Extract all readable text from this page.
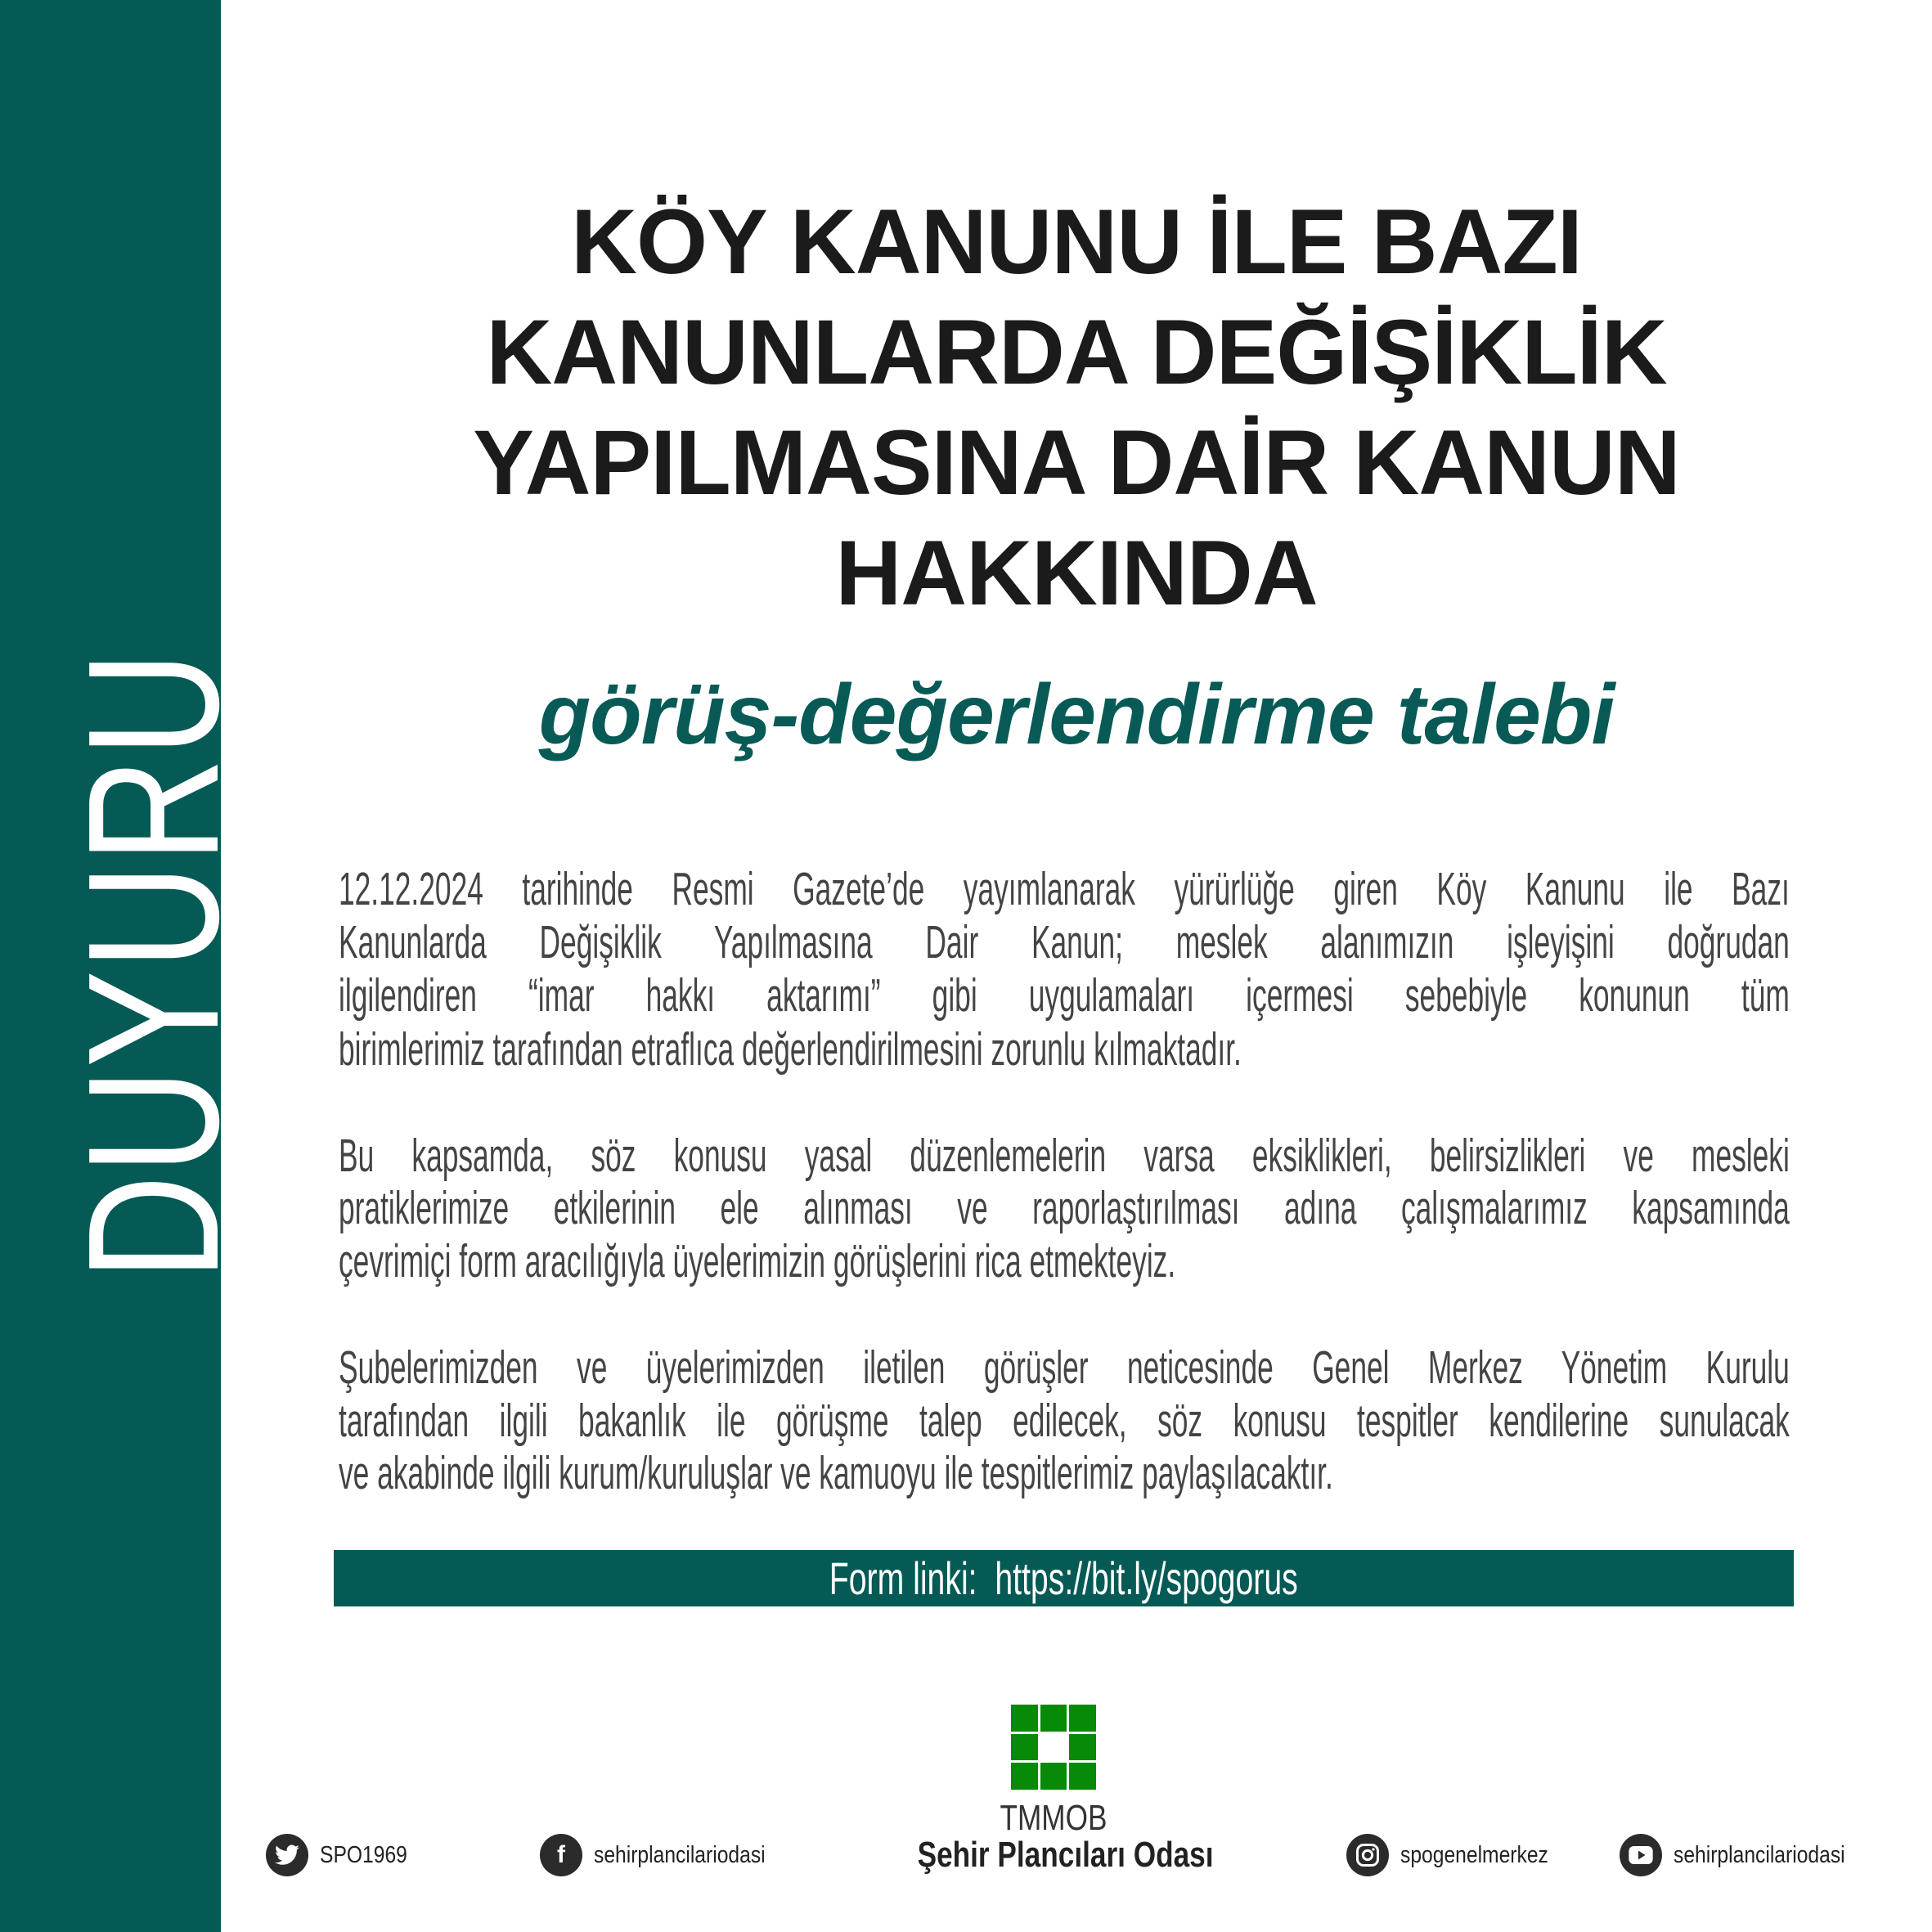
DUYURU
KÖY KANUNU İLE BAZI
KANUNLARDA DEĞİŞİKLİK
YAPILMASINA DAİR KANUN
HAKKINDA
görüş-değerlendirme talebi
12.12.2024 tarihinde Resmi Gazete’de yayımlanarak yürürlüğe giren Köy Kanunu ile Bazı
Kanunlarda Değişiklik Yapılmasına Dair Kanun; meslek alanımızın işleyişini doğrudan
ilgilendiren “imar hakkı aktarımı” gibi uygulamaları içermesi sebebiyle konunun tüm
birimlerimiz tarafından etraflıca değerlendirilmesini zorunlu kılmaktadır.
Bu kapsamda, söz konusu yasal düzenlemelerin varsa eksiklikleri, belirsizlikleri ve mesleki
pratiklerimize etkilerinin ele alınması ve raporlaştırılması adına çalışmalarımız kapsamında
çevrimiçi form aracılığıyla üyelerimizin görüşlerini rica etmekteyiz.
Şubelerimizden ve üyelerimizden iletilen görüşler neticesinde Genel Merkez Yönetim Kurulu
tarafından ilgili bakanlık ile görüşme talep edilecek, söz konusu tespitler kendilerine sunulacak
ve akabinde ilgili kurum/kuruluşlar ve kamuoyu ile tespitlerimiz paylaşılacaktır.
Form linki:  https://bit.ly/spogorus
TMMOB
Şehir Plancıları Odası
SPO1969	f	sehirplancilariodasi	spogenelmerkez	sehirplancilariodasi
